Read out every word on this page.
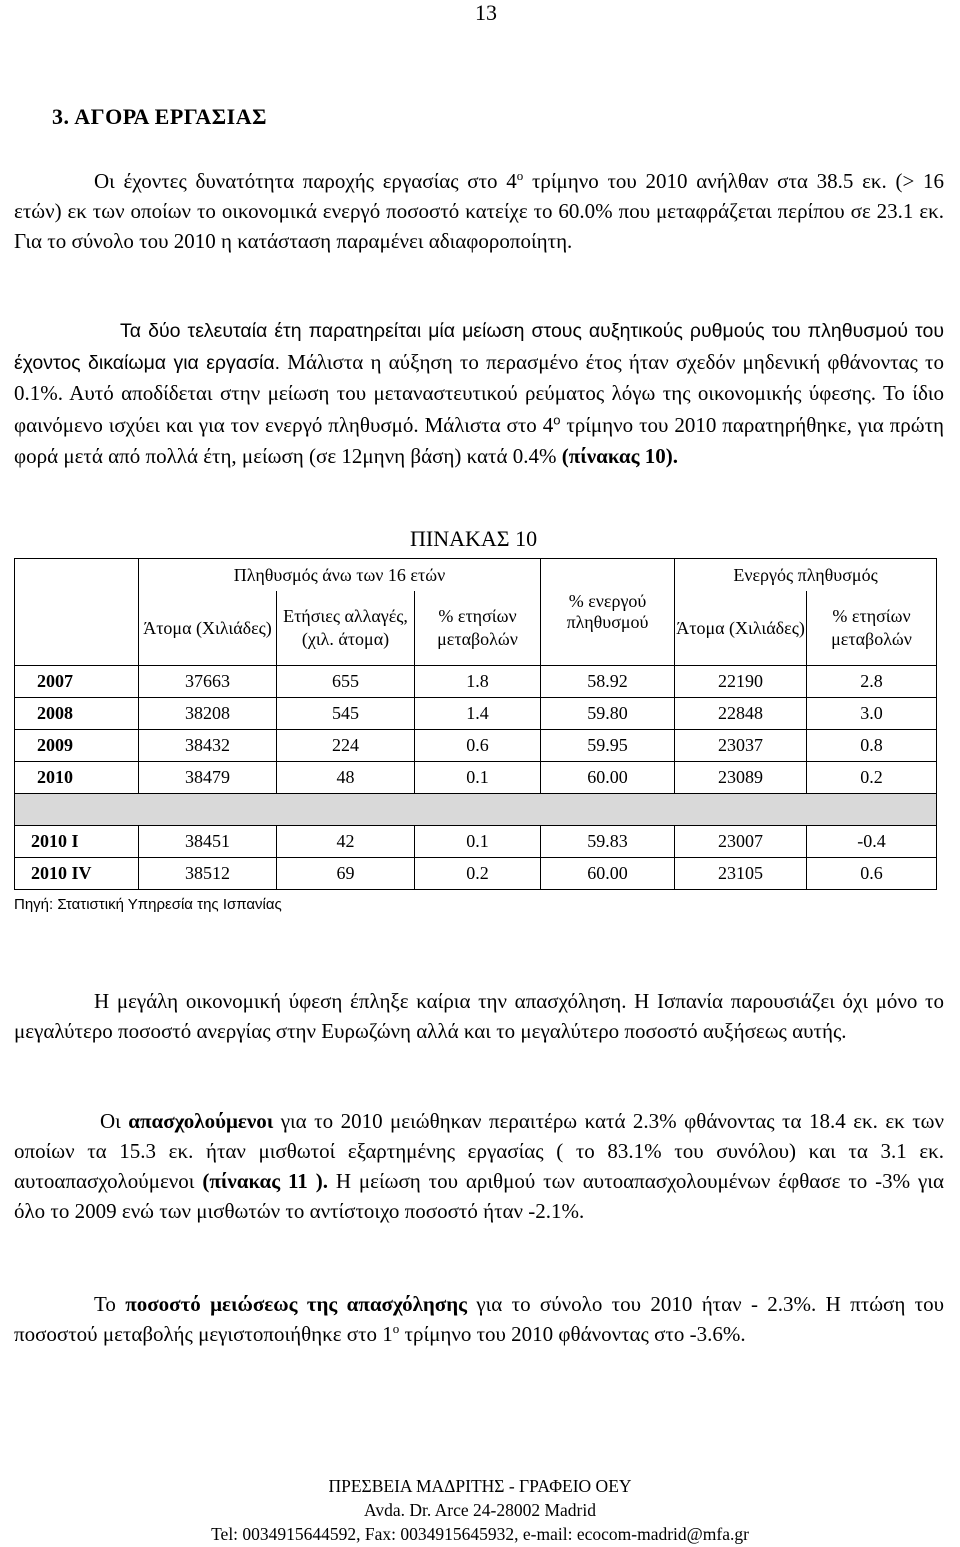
13
3. ΑΓΟΡΑ ΕΡΓΑΣΙΑΣ

Οι έχοντες δυνατότητα παροχής εργασίας στο $4^o$ τρίμηνο του 2010 ανήλθαν στα 38.5 εκ. (> 16 ετών) εκ των οποίων το οικονομικά ενεργό ποσοστό κατείχε το 60.0% που μεταφράζεται περίπου σε 23.1 εκ. Για το σύνολο του 2010 η κατάσταση παραμένει αδιαφοροποίητη.

Τα δύο τελευταία έτη παρατηρείται μία μείωση στους αυξητικούς ρυθμούς του πληθυσμού του έχοντος δικαίωμα για εργασία. Μάλιστα η αύξηση το περασμένο έτος ήταν σχεδόν μηδενική φθάνοντας το 0.1%. Αυτό αποδίδεται στην μείωση του μεταναστευτικού ρεύματος λόγω της οικονομικής ύφεσης. Το ίδιο φαινόμενο ισχύει και για τον ενεργό πληθυσμό. Μάλιστα στο $4^o$ τρίμηνο του 2010 παρατηρήθηκε, για πρώτη φορά μετά από πολλά έτη, μείωση (σε 12μηνη βάση) κατά 0.4% (πίνακας 10).

ΠΙΝΑΚΑΣ 10
	Πληθυσμός άνω των 16 ετών			% ενεργού πληθυσμού	Ενεργός πληθυσμός	
	Άτομα (Χιλιάδες)	Ετήσιες αλλαγές, (χιλ. άτομα)	% ετησίων μεταβολών		Άτομα (Χιλιάδες)	% ετησίων μεταβολών
2007	37663	655	1.8	58.92	22190	2.8
2008	38208	545	1.4	59.80	22848	3.0
2009	38432	224	0.6	59.95	23037	0.8
2010	38479	48	0.1	60.00	23089	0.2

2010 I	38451	42	0.1	59.83	23007	-0.4
2010 IV	38512	69	0.2	60.00	23105	0.6
Πηγή: Στατιστική Υπηρεσία της Ισπανίας

Η μεγάλη οικονομική ύφεση έπληξε καίρια την απασχόληση. Η Ισπανία παρουσιάζει όχι μόνο το μεγαλύτερο ποσοστό ανεργίας στην Ευρωζώνη αλλά και το μεγαλύτερο ποσοστό αυξήσεως αυτής.

Οι απασχολούμενοι για το 2010 μειώθηκαν περαιτέρω κατά 2.3% φθάνοντας τα 18.4 εκ. εκ των οποίων τα 15.3 εκ. ήταν μισθωτοί εξαρτημένης εργασίας ( το 83.1% του συνόλου) και τα 3.1 εκ. αυτοαπασχολούμενοι (πίνακας 11 ). Η μείωση του αριθμού των αυτοαπασχολουμένων έφθασε το -3% για όλο το 2009 ενώ των μισθωτών το αντίστοιχο ποσοστό ήταν -2.1%.

Το ποσοστό μειώσεως της απασχόλησης για το σύνολο του 2010 ήταν - 2.3%. Η πτώση του ποσοστού μεταβολής μεγιστοποιήθηκε στο $1^o$ τρίμηνο του 2010 φθάνοντας στο -3.6%.

ΠΡΕΣΒΕΙΑ ΜΑΔΡΙΤΗΣ - ΓΡΑΦΕΙΟ ΟΕΥ
Avda. Dr. Arce 24-28002 Madrid
Tel: 0034915644592, Fax: 0034915645932, e-mail: ecocom-madrid@mfa.gr
